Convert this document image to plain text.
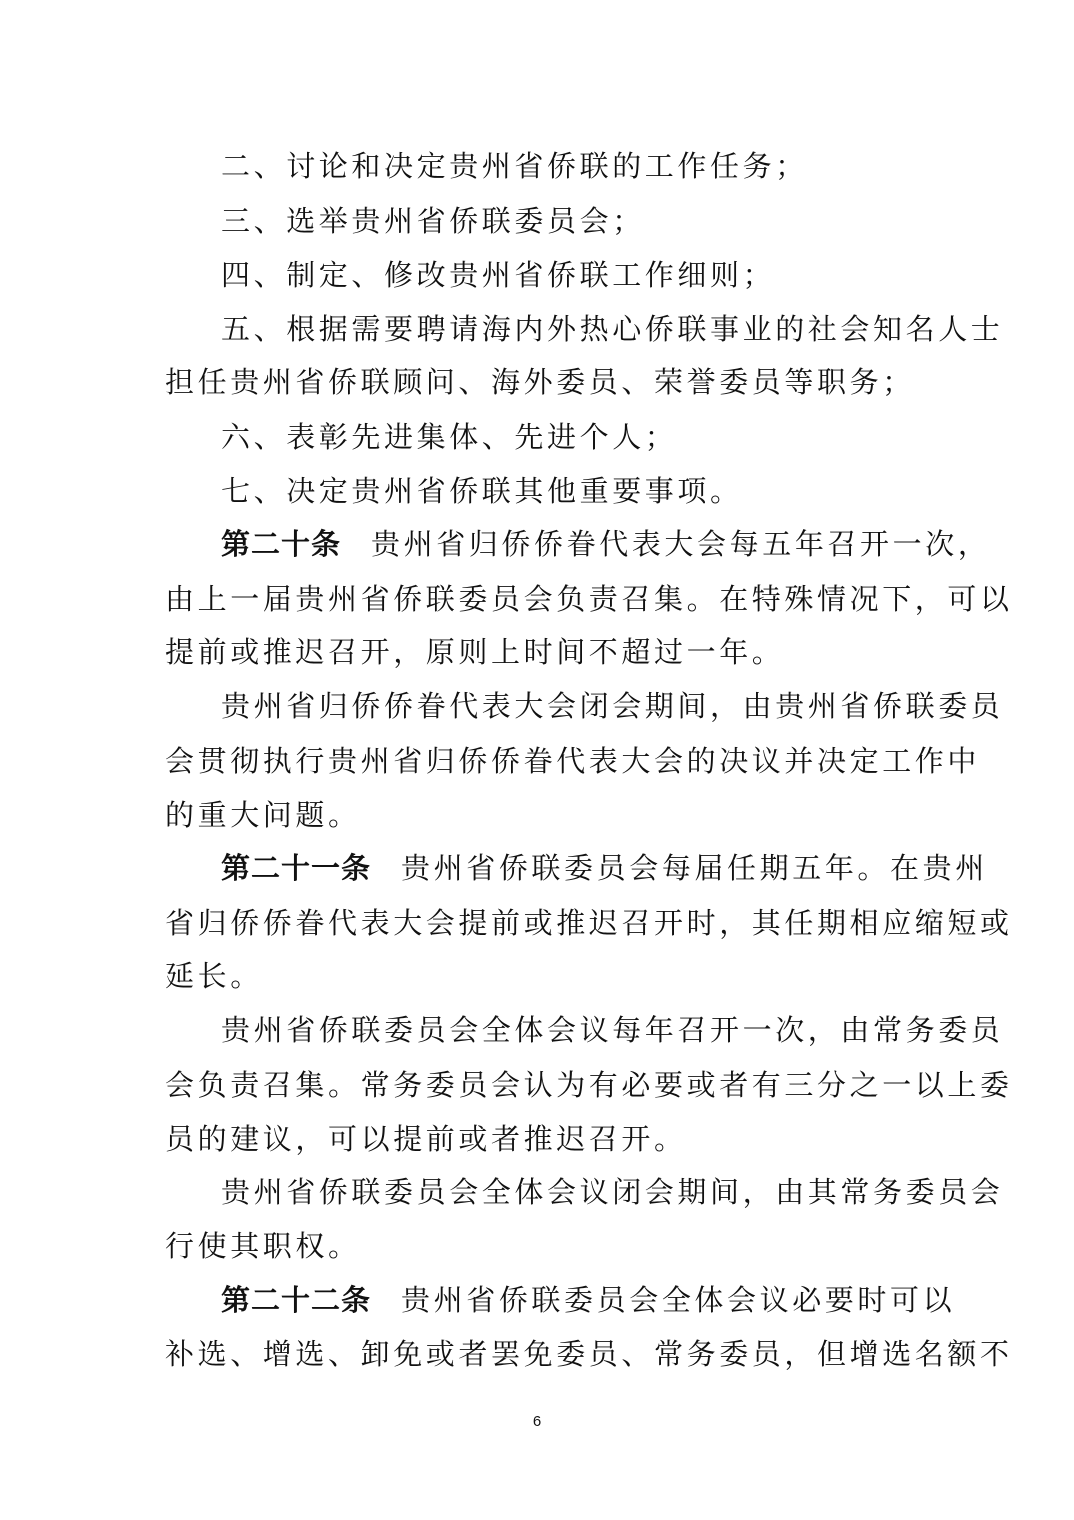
二、讨论和决定贵州省侨联的工作任务；
三、选举贵州省侨联委员会；
四、制定、修改贵州省侨联工作细则；
五、根据需要聘请海内外热心侨联事业的社会知名人士
担任贵州省侨联顾问、海外委员、荣誉委员等职务；
六、表彰先进集体、先进个人；
七、决定贵州省侨联其他重要事项。
第二十条 贵州省归侨侨眷代表大会每五年召开一次，
由上一届贵州省侨联委员会负责召集。在特殊情况下，可以
提前或推迟召开，原则上时间不超过一年。
贵州省归侨侨眷代表大会闭会期间，由贵州省侨联委员
会贯彻执行贵州省归侨侨眷代表大会的决议并决定工作中
的重大问题。
第二十一条 贵州省侨联委员会每届任期五年。在贵州
省归侨侨眷代表大会提前或推迟召开时，其任期相应缩短或
延长。
贵州省侨联委员会全体会议每年召开一次，由常务委员
会负责召集。常务委员会认为有必要或者有三分之一以上委
员的建议，可以提前或者推迟召开。
贵州省侨联委员会全体会议闭会期间，由其常务委员会
行使其职权。
第二十二条 贵州省侨联委员会全体会议必要时可以
补选、增选、卸免或者罢免委员、常务委员，但增选名额不
6
